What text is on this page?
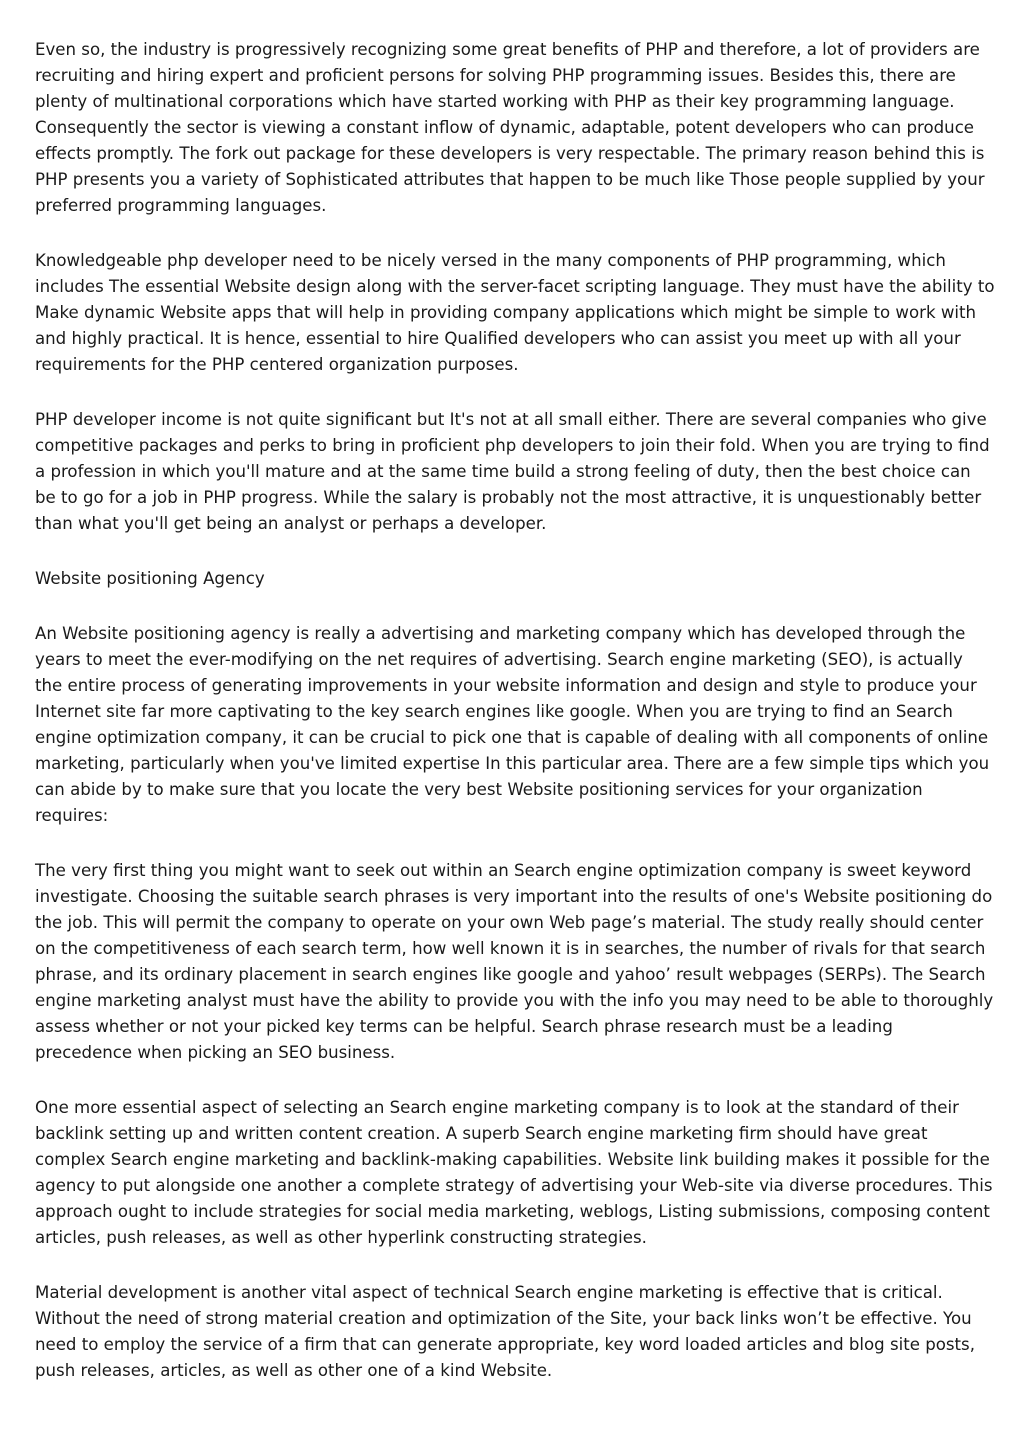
Even so, the industry is progressively recognizing some great benefits of PHP and therefore, a lot of providers are recruiting and hiring expert and proficient persons for solving PHP programming issues. Besides this, there are plenty of multinational corporations which have started working with PHP as their key programming language. Consequently the sector is viewing a constant inflow of dynamic, adaptable, potent developers who can produce effects promptly. The fork out package for these developers is very respectable. The primary reason behind this is PHP presents you a variety of Sophisticated attributes that happen to be much like Those people supplied by your preferred programming languages.

Knowledgeable php developer need to be nicely versed in the many components of PHP programming, which includes The essential Website design along with the server-facet scripting language. They must have the ability to Make dynamic Website apps that will help in providing company applications which might be simple to work with and highly practical. It is hence, essential to hire Qualified developers who can assist you meet up with all your requirements for the PHP centered organization purposes.

PHP developer income is not quite significant but It's not at all small either. There are several companies who give competitive packages and perks to bring in proficient php developers to join their fold. When you are trying to find a profession in which you'll mature and at the same time build a strong feeling of duty, then the best choice can be to go for a job in PHP progress. While the salary is probably not the most attractive, it is unquestionably better than what you'll get being an analyst or perhaps a developer.

Website positioning Agency

An Website positioning agency is really a advertising and marketing company which has developed through the years to meet the ever-modifying on the net requires of advertising. Search engine marketing (SEO), is actually the entire process of generating improvements in your website information and design and style to produce your Internet site far more captivating to the key search engines like google. When you are trying to find an Search engine optimization company, it can be crucial to pick one that is capable of dealing with all components of online marketing, particularly when you've limited expertise In this particular area. There are a few simple tips which you can abide by to make sure that you locate the very best Website positioning services for your organization requires:

The very first thing you might want to seek out within an Search engine optimization company is sweet keyword investigate. Choosing the suitable search phrases is very important into the results of one's Website positioning do the job. This will permit the company to operate on your own Web page’s material. The study really should center on the competitiveness of each search term, how well known it is in searches, the number of rivals for that search phrase, and its ordinary placement in search engines like google and yahoo’ result webpages (SERPs). The Search engine marketing analyst must have the ability to provide you with the info you may need to be able to thoroughly assess whether or not your picked key terms can be helpful. Search phrase research must be a leading precedence when picking an SEO business.

One more essential aspect of selecting an Search engine marketing company is to look at the standard of their backlink setting up and written content creation. A superb Search engine marketing firm should have great complex Search engine marketing and backlink-making capabilities. Website link building makes it possible for the agency to put alongside one another a complete strategy of advertising your Web-site via diverse procedures. This approach ought to include strategies for social media marketing, weblogs, Listing submissions, composing content articles, push releases, as well as other hyperlink constructing strategies.

Material development is another vital aspect of technical Search engine marketing is effective that is critical. Without the need of strong material creation and optimization of the Site, your back links won’t be effective. You need to employ the service of a firm that can generate appropriate, key word loaded articles and blog site posts, push releases, articles, as well as other one of a kind Website.
